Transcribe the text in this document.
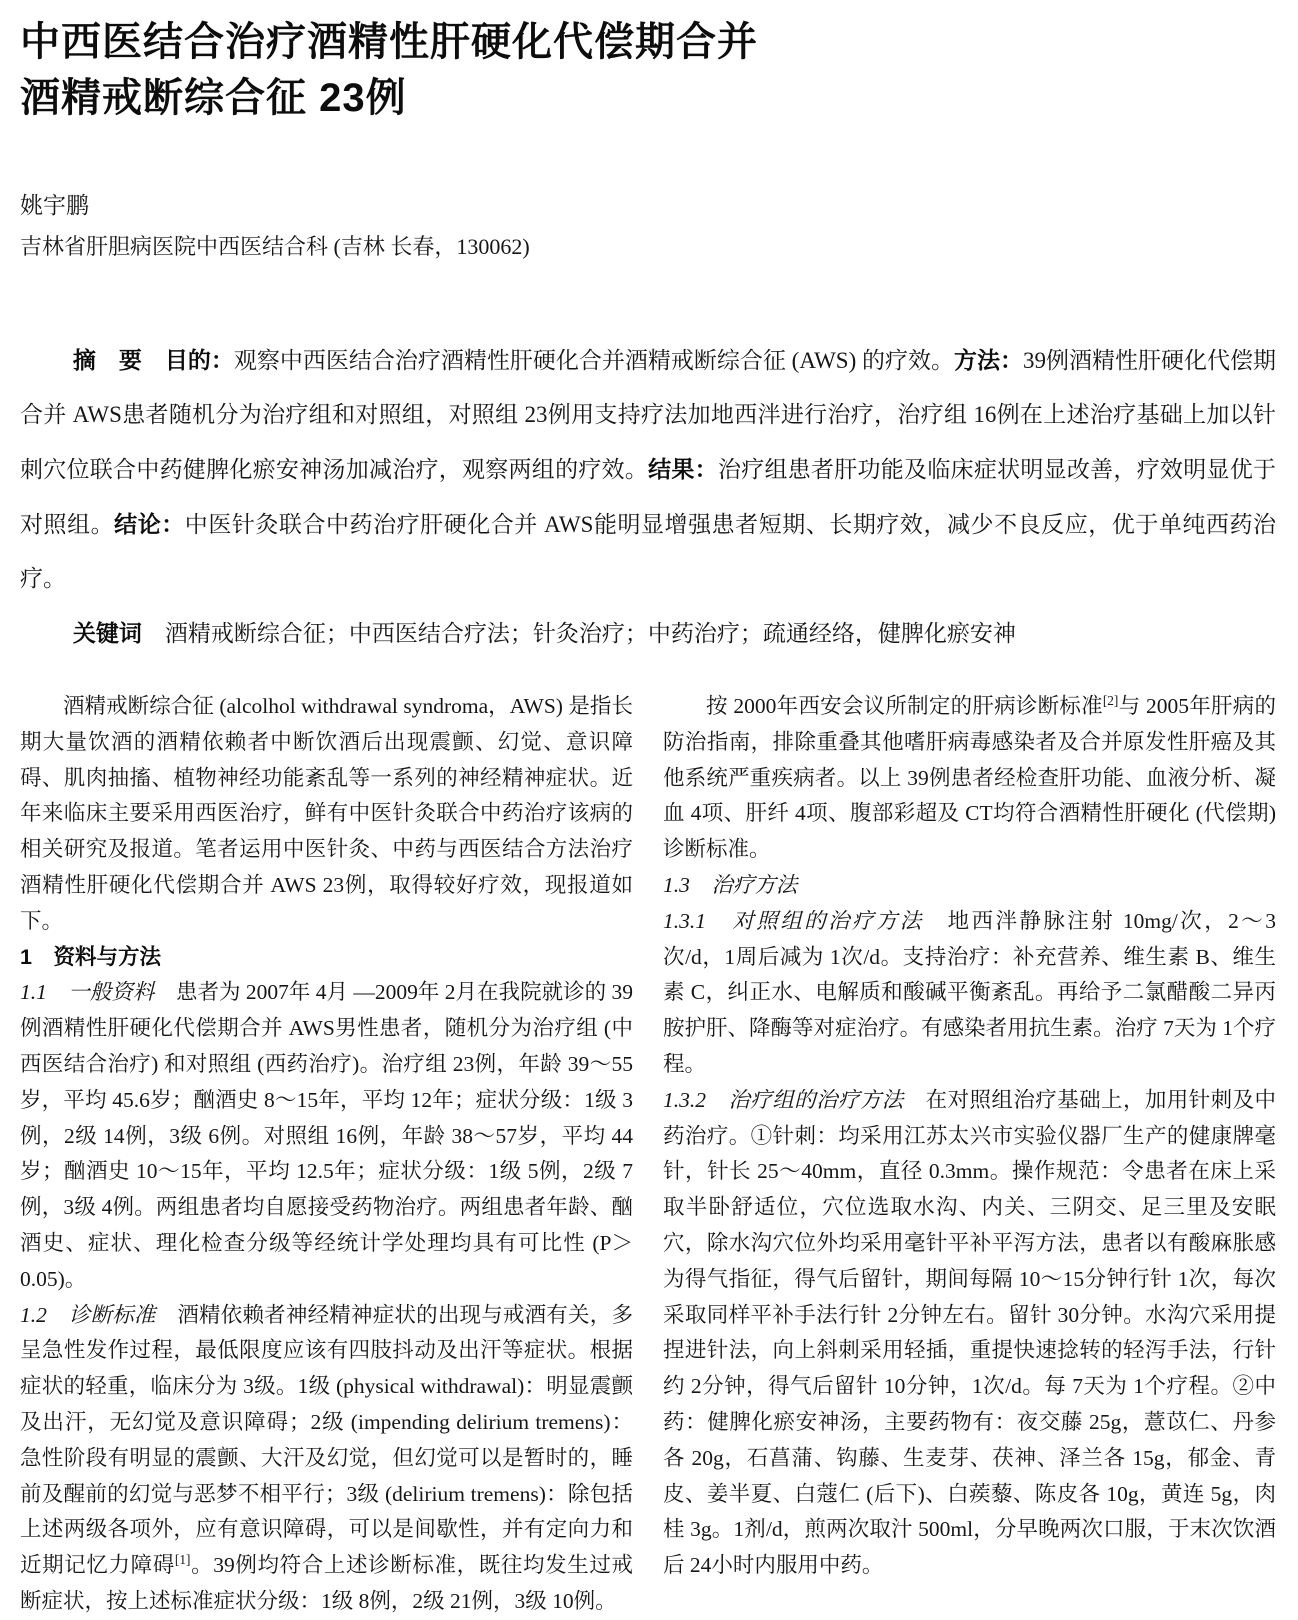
中西医结合治疗酒精性肝硬化代偿期合并
酒精戒断综合征 23例
姚宇鹏
吉林省肝胆病医院中西医结合科 (吉林 长春，130062)

摘　要　目的：观察中西医结合治疗酒精性肝硬化合并酒精戒断综合征 (AWS) 的疗效。方法：39例酒精性肝硬化代偿期合并 AWS患者随机分为治疗组和对照组，对照组 23例用支持疗法加地西泮进行治疗，治疗组 16例在上述治疗基础上加以针刺穴位联合中药健脾化瘀安神汤加减治疗，观察两组的疗效。结果：治疗组患者肝功能及临床症状明显改善，疗效明显优于对照组。结论：中医针灸联合中药治疗肝硬化合并 AWS能明显增强患者短期、长期疗效，减少不良反应，优于单纯西药治疗。

关键词　酒精戒断综合征；中西医结合疗法；针灸治疗；中药治疗；疏通经络，健脾化瘀安神

酒精戒断综合征 (alcolhol withdrawal syndroma，AWS) 是指长期大量饮酒的酒精依赖者中断饮酒后出现震颤、幻觉、意识障碍、肌肉抽搐、植物神经功能紊乱等一系列的神经精神症状。近年来临床主要采用西医治疗，鲜有中医针灸联合中药治疗该病的相关研究及报道。笔者运用中医针灸、中药与西医结合方法治疗酒精性肝硬化代偿期合并 AWS 23例，取得较好疗效，现报道如下。

1　资料与方法

1.1　一般资料　患者为 2007年 4月 —2009年 2月在我院就诊的 39例酒精性肝硬化代偿期合并 AWS男性患者，随机分为治疗组 (中西医结合治疗) 和对照组 (西药治疗)。治疗组 23例，年龄 39～55岁，平均 45.6岁；酗酒史 8～15年，平均 12年；症状分级：1级 3例，2级 14例，3级 6例。对照组 16例，年龄 38～57岁，平均 44岁；酗酒史 10～15年，平均 12.5年；症状分级：1级 5例，2级 7例，3级 4例。两组患者均自愿接受药物治疗。两组患者年龄、酗酒史、症状、理化检查分级等经统计学处理均具有可比性 (P＞0.05)。

1.2　诊断标准　酒精依赖者神经精神症状的出现与戒酒有关，多呈急性发作过程，最低限度应该有四肢抖动及出汗等症状。根据症状的轻重，临床分为 3级。1级 (physical withdrawal)：明显震颤及出汗，无幻觉及意识障碍；2级 (impending delirium tremens)：急性阶段有明显的震颤、大汗及幻觉，但幻觉可以是暂时的，睡前及醒前的幻觉与恶梦不相平行；3级 (delirium tremens)：除包括上述两级各项外，应有意识障碍，可以是间歇性，并有定向力和近期记忆力障碍[1]。39例均符合上述诊断标准，既往均发生过戒断症状，按上述标准症状分级：1级 8例，2级 21例，3级 10例。

按 2000年西安会议所制定的肝病诊断标准[2]与 2005年肝病的防治指南，排除重叠其他嗜肝病毒感染者及合并原发性肝癌及其他系统严重疾病者。以上 39例患者经检查肝功能、血液分析、凝血 4项、肝纤 4项、腹部彩超及 CT均符合酒精性肝硬化 (代偿期) 诊断标准。

1.3　治疗方法

1.3.1　对照组的治疗方法　地西泮静脉注射 10mg/次，2～3次/d，1周后减为 1次/d。支持治疗：补充营养、维生素 B、维生素 C，纠正水、电解质和酸碱平衡紊乱。再给予二氯醋酸二异丙胺护肝、降酶等对症治疗。有感染者用抗生素。治疗 7天为 1个疗程。

1.3.2　治疗组的治疗方法　在对照组治疗基础上，加用针刺及中药治疗。①针刺：均采用江苏太兴市实验仪器厂生产的健康牌毫针，针长 25～40mm，直径 0.3mm。操作规范：令患者在床上采取半卧舒适位，穴位选取水沟、内关、三阴交、足三里及安眠穴，除水沟穴位外均采用毫针平补平泻方法，患者以有酸麻胀感为得气指征，得气后留针，期间每隔 10～15分钟行针 1次，每次采取同样平补手法行针 2分钟左右。留针 30分钟。水沟穴采用提捏进针法，向上斜刺采用轻插，重提快速捻转的轻泻手法，行针约 2分钟，得气后留针 10分钟，1次/d。每 7天为 1个疗程。②中药：健脾化瘀安神汤，主要药物有：夜交藤 25g，薏苡仁、丹参各 20g，石菖蒲、钩藤、生麦芽、茯神、泽兰各 15g，郁金、青皮、姜半夏、白蔻仁 (后下)、白蒺藜、陈皮各 10g，黄连 5g，肉桂 3g。1剂/d，煎两次取汁 500ml，分早晚两次口服，于末次饮酒后 24小时内服用中药。
